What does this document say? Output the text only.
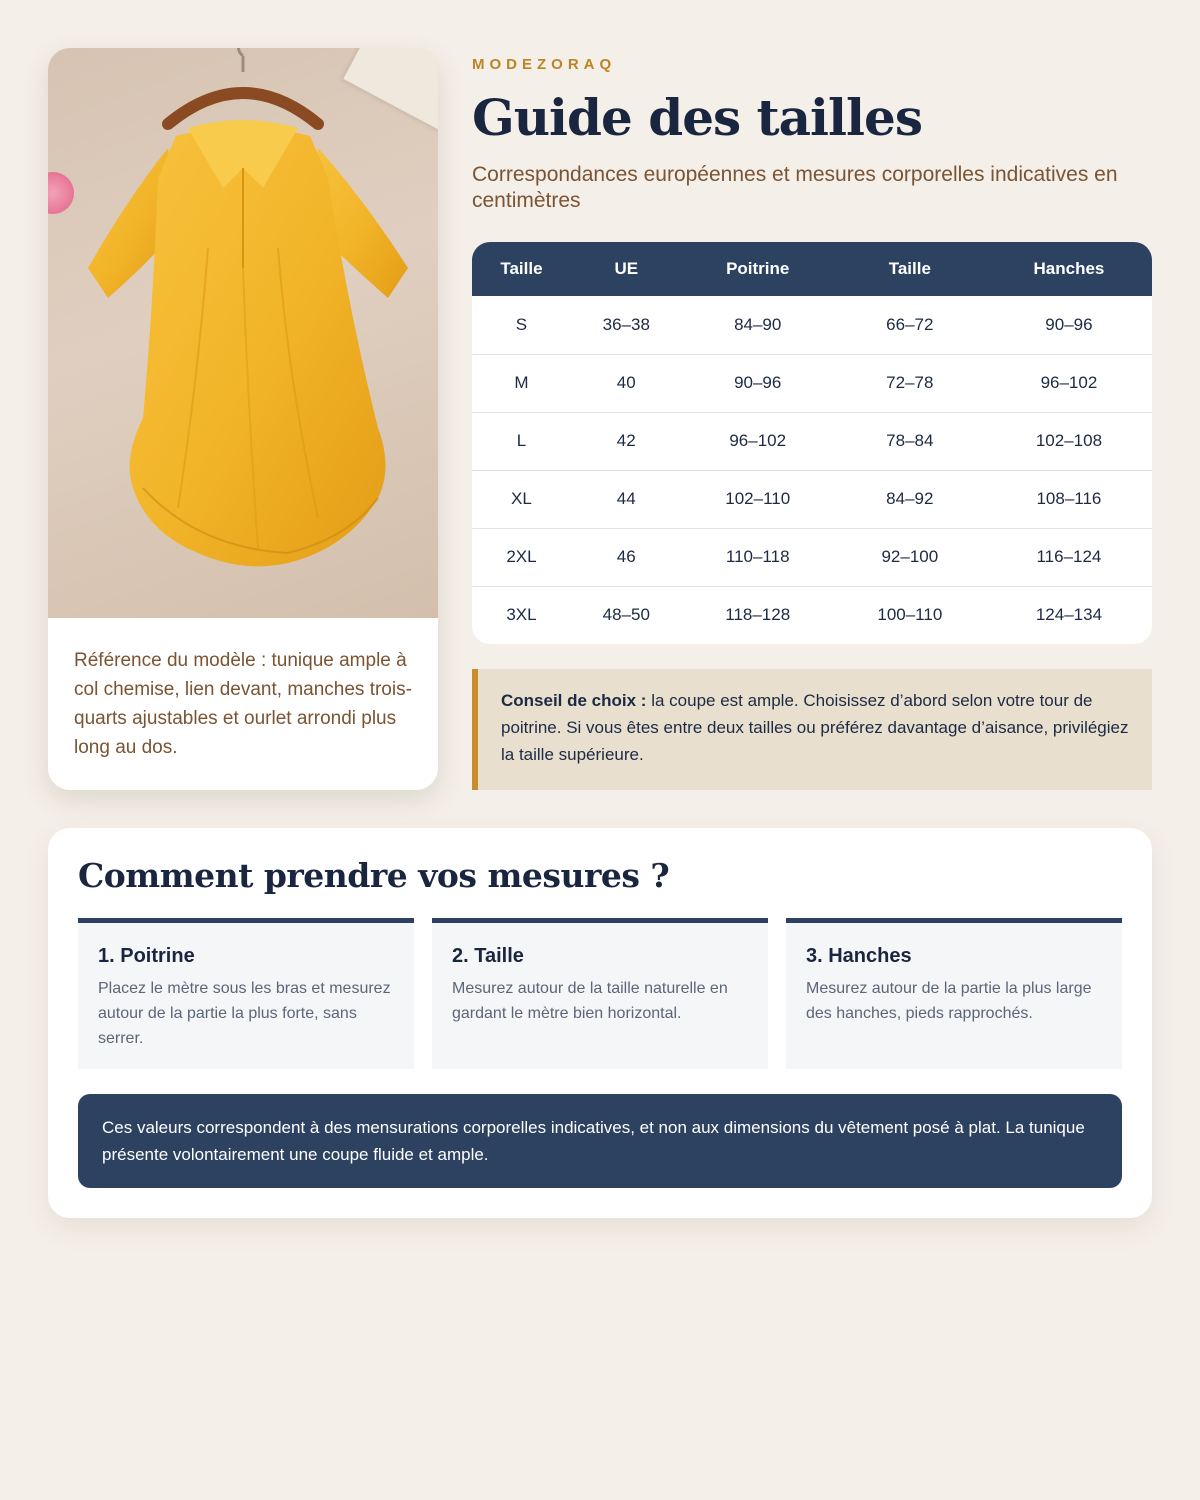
Référence du modèle : tunique ample à col chemise, lien devant, manches trois-quarts ajustables et ourlet arrondi plus long au dos.
MODEZORAQ
Guide des tailles
Correspondances européennes et mesures corporelles indicatives en centimètres
Taille	UE	Poitrine	Taille	Hanches
S	36–38	84–90	66–72	90–96
M	40	90–96	72–78	96–102
L	42	96–102	78–84	102–108
XL	44	102–110	84–92	108–116
2XL	46	110–118	92–100	116–124
3XL	48–50	118–128	100–110	124–134
Conseil de choix : la coupe est ample. Choisissez d’abord selon votre tour de poitrine. Si vous êtes entre deux tailles ou préférez davantage d’aisance, privilégiez la taille supérieure.
Comment prendre vos mesures ?
1. Poitrine

Placez le mètre sous les bras et mesurez autour de la partie la plus forte, sans serrer.

2. Taille

Mesurez autour de la taille naturelle en gardant le mètre bien horizontal.

3. Hanches

Mesurez autour de la partie la plus large des hanches, pieds rapprochés.

Ces valeurs correspondent à des mensurations corporelles indicatives, et non aux dimensions du vêtement posé à plat. La tunique présente volontairement une coupe fluide et ample.
